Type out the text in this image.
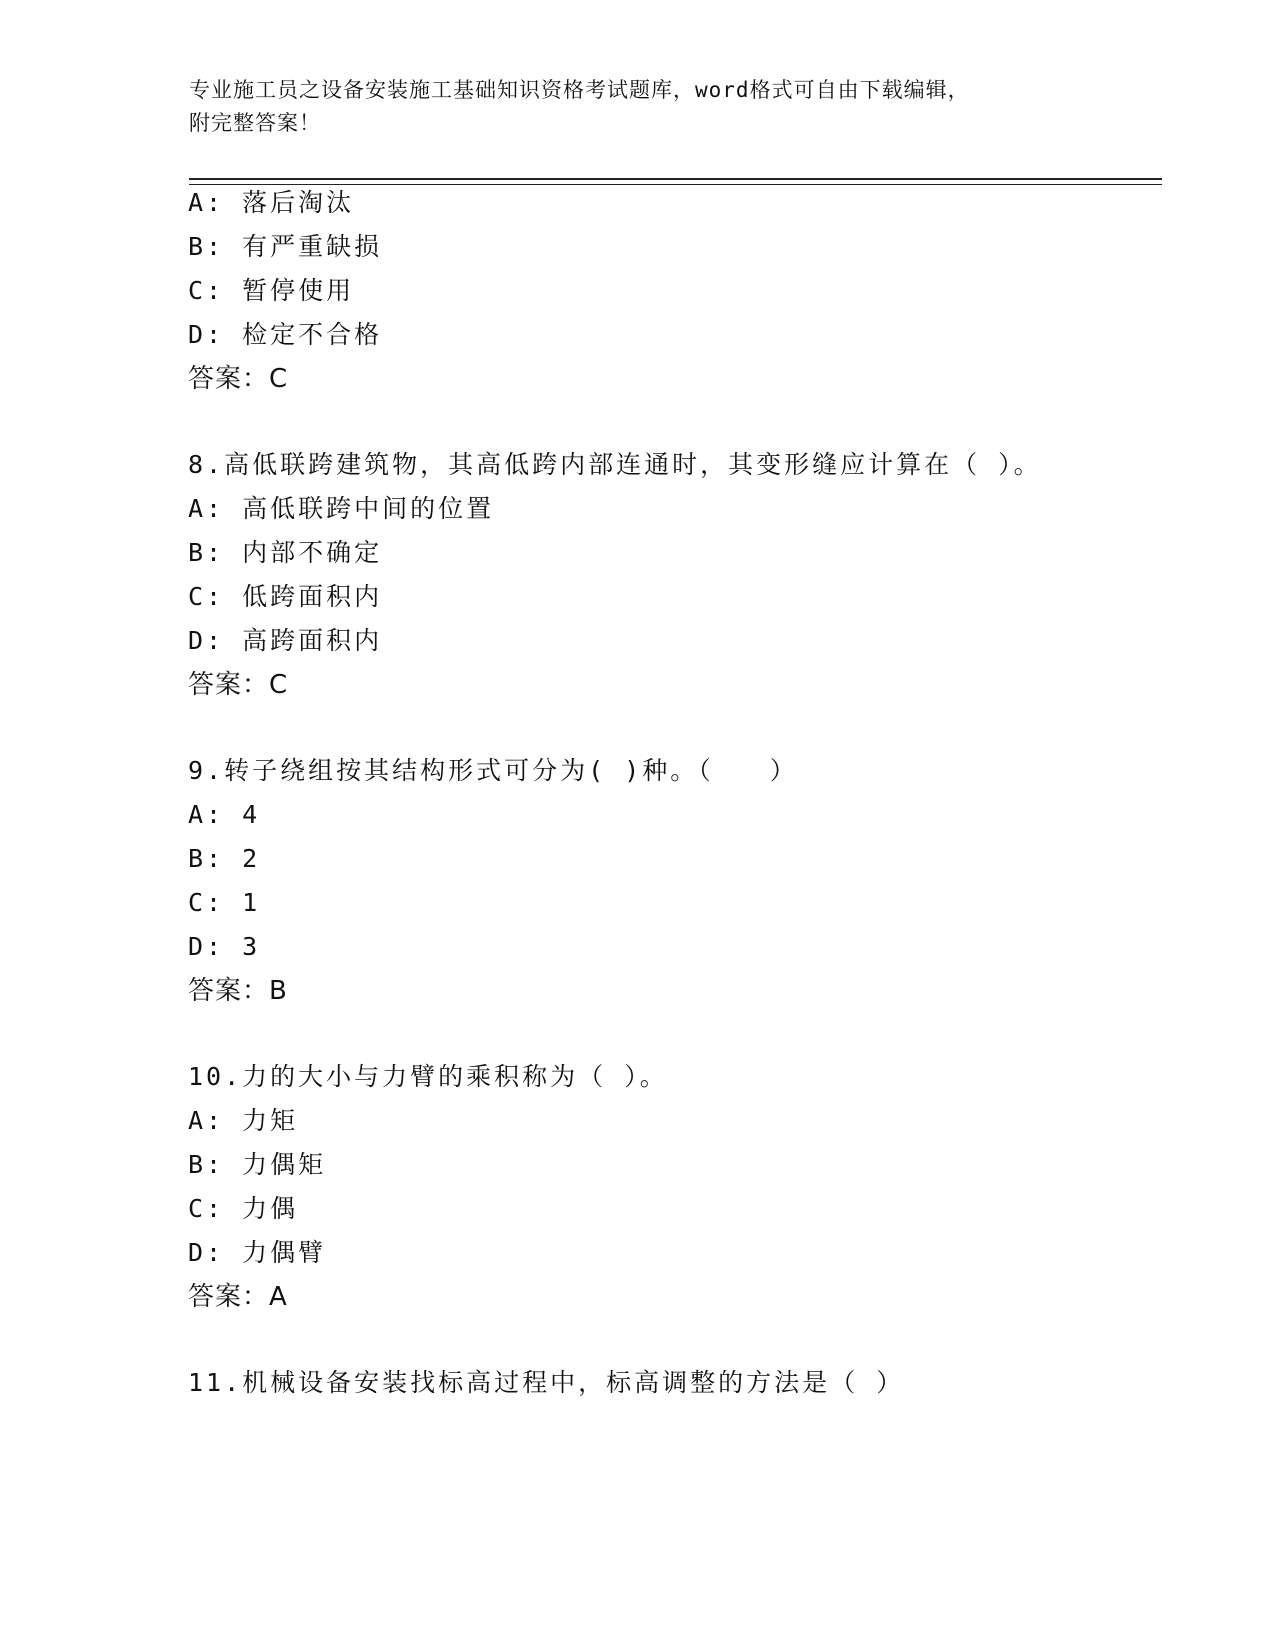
专业施工员之设备安装施工基础知识资格考试题库，word格式可自由下载编辑，
附完整答案！
A: 落后淘汰
B: 有严重缺损
C: 暂停使用
D: 检定不合格
答案：C
8.高低联跨建筑物，其高低跨内部连通时，其变形缝应计算在（ ）。
A: 高低联跨中间的位置
B: 内部不确定
C: 低跨面积内
D: 高跨面积内
答案：C
9.转子绕组按其结构形式可分为( )种。（　　）
A: 4
B: 2
C: 1
D: 3
答案：B
10.力的大小与力臂的乘积称为（ ）。
A: 力矩
B: 力偶矩
C: 力偶
D: 力偶臂
答案：A
11.机械设备安装找标高过程中，标高调整的方法是（ ）
